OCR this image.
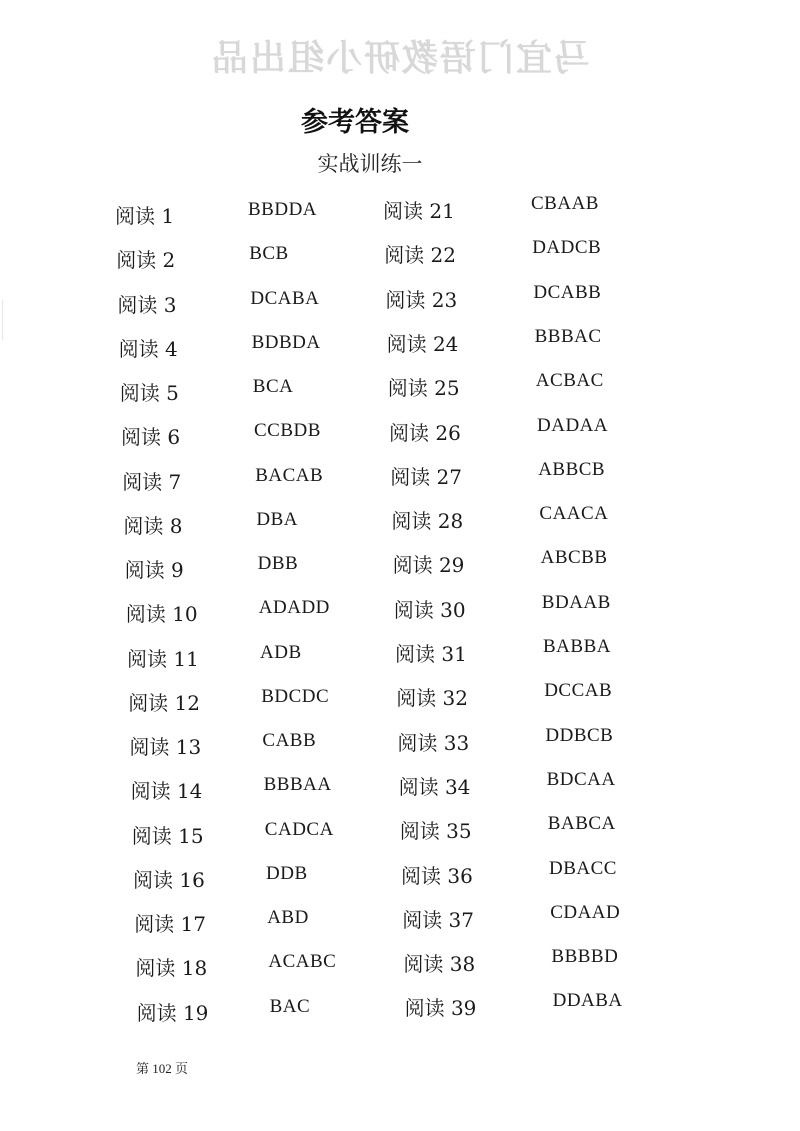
马宜门语教研小组出品
参考答案
实战训练一
阅读 1	BBDDA
阅读 2	BCB
阅读 3	DCABA
阅读 4	BDBDA
阅读 5	BCA
阅读 6	CCBDB
阅读 7	BACAB
阅读 8	DBA
阅读 9	DBB
阅读 10	ADADD
阅读 11	ADB
阅读 12	BDCDC
阅读 13	CABB
阅读 14	BBBAA
阅读 15	CADCA
阅读 16	DDB
阅读 17	ABD
阅读 18	ACABC
阅读 19	BAC
阅读 21	CBAAB
阅读 22	DADCB
阅读 23	DCABB
阅读 24	BBBAC
阅读 25	ACBAC
阅读 26	DADAA
阅读 27	ABBCB
阅读 28	CAACA
阅读 29	ABCBB
阅读 30	BDAAB
阅读 31	BABBA
阅读 32	DCCAB
阅读 33	DDBCB
阅读 34	BDCAA
阅读 35	BABCA
阅读 36	DBACC
阅读 37	CDAAD
阅读 38	BBBBD
阅读 39	DDABA
第 102 页
